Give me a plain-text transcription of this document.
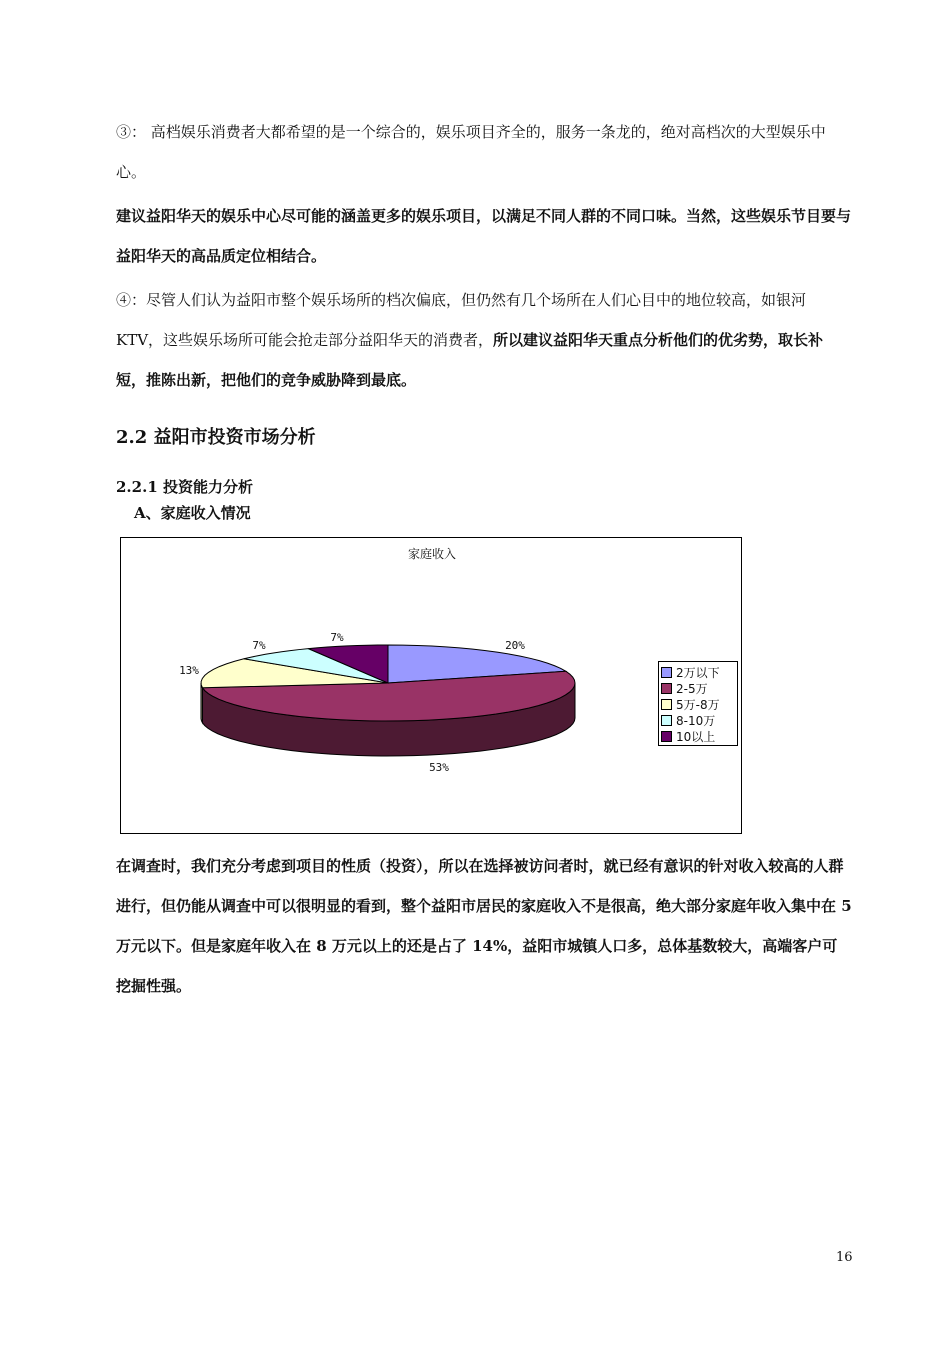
③： 高档娱乐消费者大都希望的是一个综合的，娱乐项目齐全的，服务一条龙的，绝对高档次的大型娱乐中心。

建议益阳华天的娱乐中心尽可能的涵盖更多的娱乐项目，以满足不同人群的不同口味。当然，这些娱乐节目要与益阳华天的高品质定位相结合。

④：尽管人们认为益阳市整个娱乐场所的档次偏底，但仍然有几个场所在人们心目中的地位较高，如银河 KTV，这些娱乐场所可能会抢走部分益阳华天的消费者，所以建议益阳华天重点分析他们的优劣势，取长补短，推陈出新，把他们的竞争威胁降到最底。

2.2 益阳市投资市场分析
2.2.1 投资能力分析
A、家庭收入情况
家庭收入
20%
53%
13%
7%
7%
2万以下
2-5万
5万-8万
8-10万
10以上

在调查时，我们充分考虑到项目的性质（投资），所以在选择被访问者时，就已经有意识的针对收入较高的人群进行，但仍能从调查中可以很明显的看到，整个益阳市居民的家庭收入不是很高，绝大部分家庭年收入集中在 5 万元以下。但是家庭年收入在 8 万元以上的还是占了 14%，益阳市城镇人口多，总体基数较大，高端客户可挖掘性强。

16
